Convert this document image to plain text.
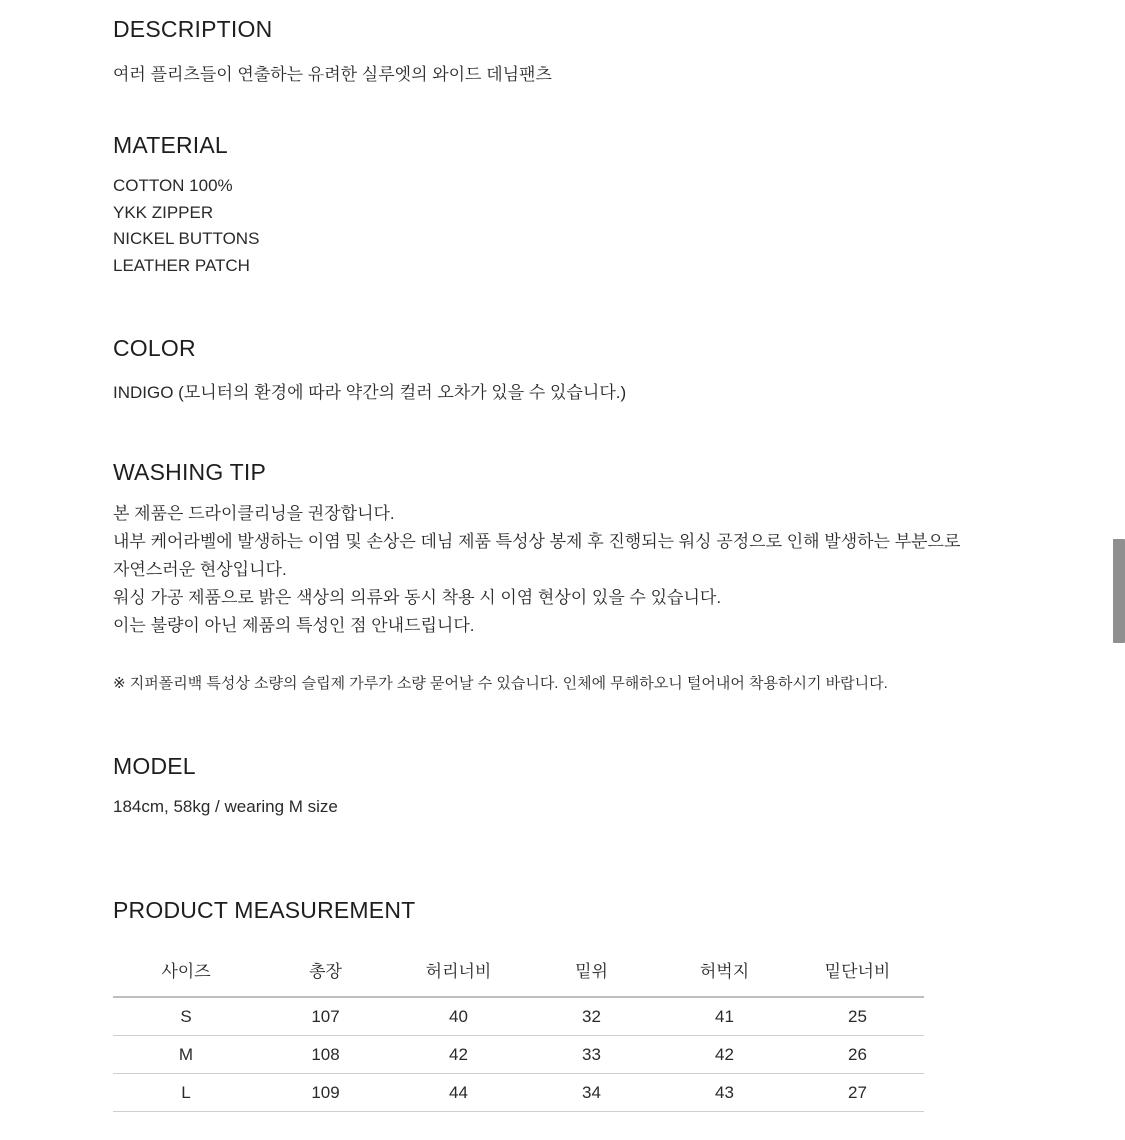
DESCRIPTION
여러 플리츠들이 연출하는 유려한 실루엣의 와이드 데님팬츠
MATERIAL
COTTON 100%
YKK ZIPPER
NICKEL BUTTONS
LEATHER PATCH
COLOR
INDIGO (모니터의 환경에 따라 약간의 컬러 오차가 있을 수 있습니다.)
WASHING TIP
본 제품은 드라이클리닝을 권장합니다.
내부 케어라벨에 발생하는 이염 및 손상은 데님 제품 특성상 봉제 후 진행되는 워싱 공정으로 인해 발생하는 부분으로
자연스러운 현상입니다.
워싱 가공 제품으로 밝은 색상의 의류와 동시 착용 시 이염 현상이 있을 수 있습니다.
이는 불량이 아닌 제품의 특성인 점 안내드립니다.
※ 지퍼폴리백 특성상 소량의 슬립제 가루가 소량 묻어날 수 있습니다. 인체에 무해하오니 털어내어 착용하시기 바랍니다.
MODEL
184cm, 58kg / wearing M size
PRODUCT MEASUREMENT
사이즈	총장	허리너비	밑위	허벅지	밑단너비
S	107	40	32	41	25
M	108	42	33	42	26
L	109	44	34	43	27
